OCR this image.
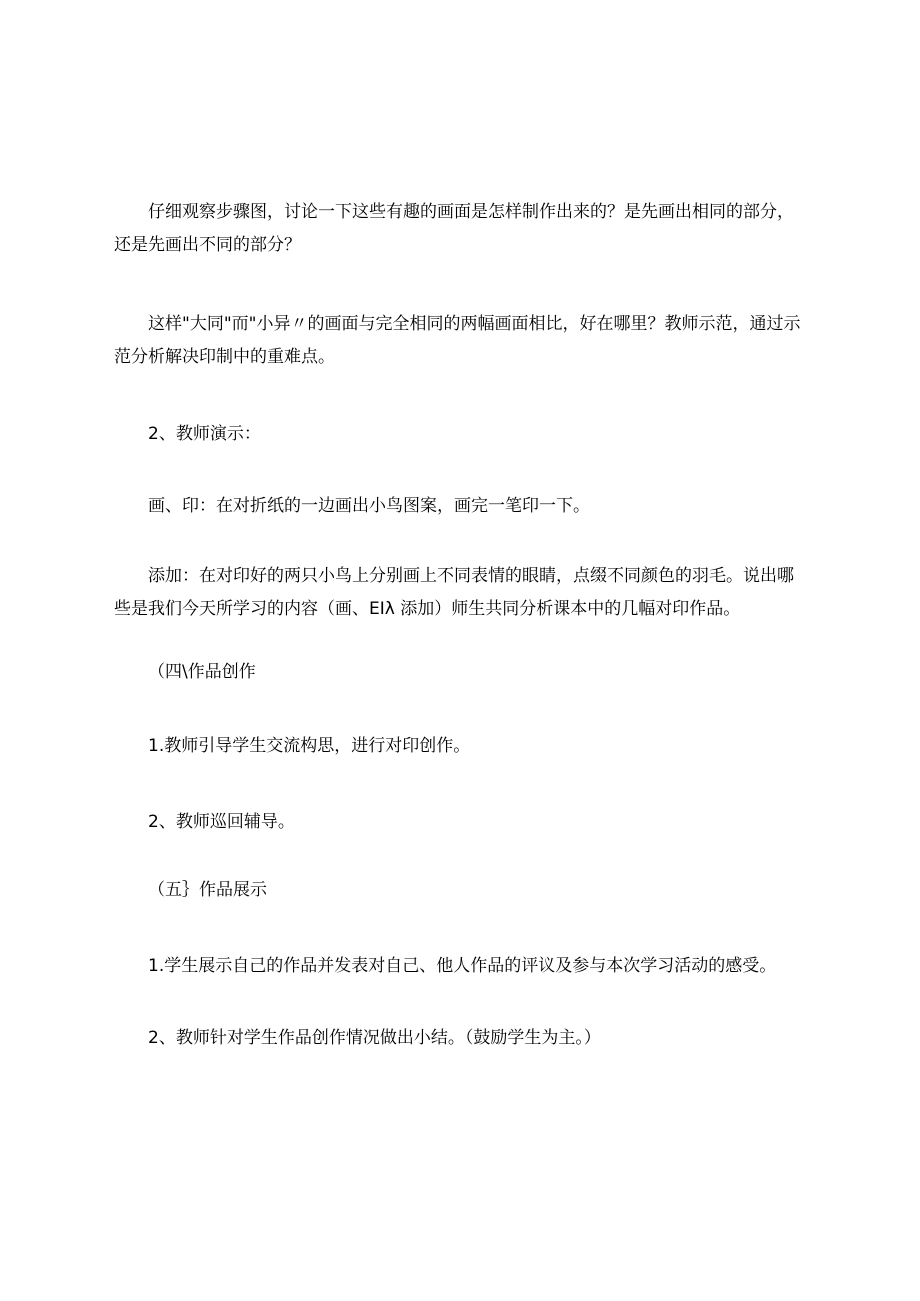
仔细观察步骤图，讨论一下这些有趣的画面是怎样制作出来的？是先画出相同的部分，
还是先画出不同的部分？

这样"大同"而"小异〃的画面与完全相同的两幅画面相比，好在哪里？教师示范，通过示
范分析解决印制中的重难点。

2、教师演示：

画、印：在对折纸的一边画出小鸟图案，画完一笔印一下。

添加：在对印好的两只小鸟上分别画上不同表情的眼睛，点缀不同颜色的羽毛。说出哪
些是我们今天所学习的内容（画、EIλ 添加）师生共同分析课本中的几幅对印作品。

（四\作品创作

1.教师引导学生交流构思，进行对印创作。

2、教师巡回辅导。

（五｝作品展示

1.学生展示自己的作品并发表对自己、他人作品的评议及参与本次学习活动的感受。

2、教师针对学生作品创作情况做出小结。（鼓励学生为主。）
